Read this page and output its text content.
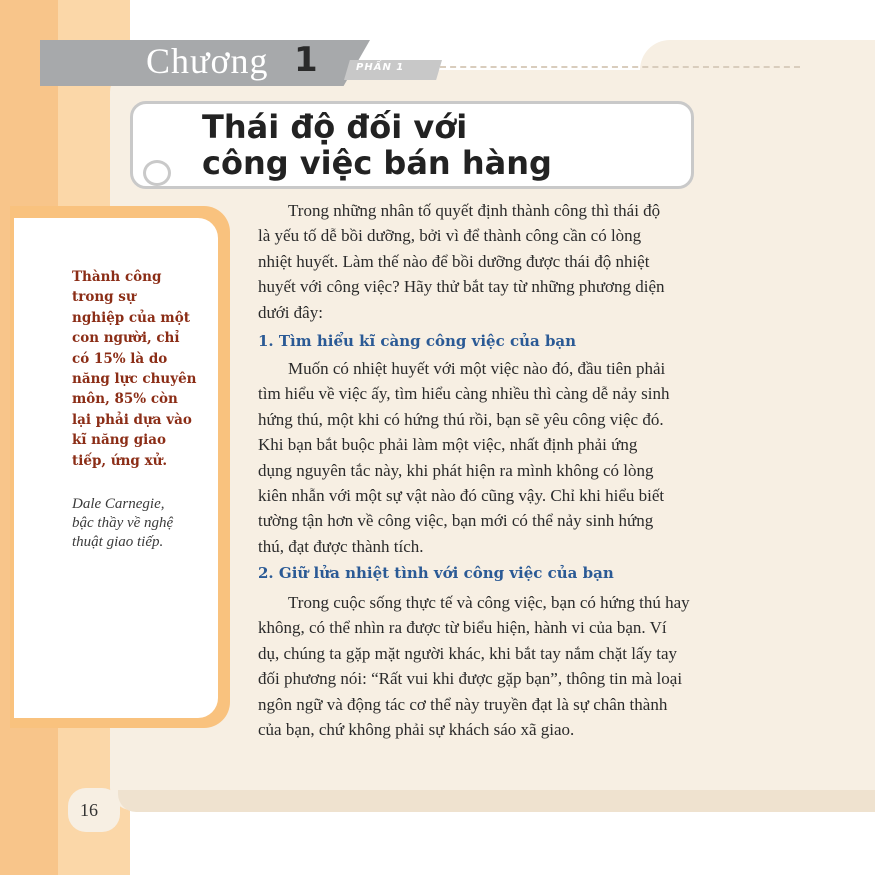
Chương 1	PHẦN 1
Thái độ đối với
công việc bán hàng
Thành công
trong sự
nghiệp của một
con người, chỉ
có 15% là do
năng lực chuyên
môn, 85% còn
lại phải dựa vào
kĩ năng giao
tiếp, ứng xử.
Dale Carnegie,
bậc thầy về nghệ
thuật giao tiếp.
Trong những nhân tố quyết định thành công thì thái độ
là yếu tố dễ bồi dưỡng, bởi vì để thành công cần có lòng
nhiệt huyết. Làm thế nào để bồi dưỡng được thái độ nhiệt
huyết với công việc? Hãy thử bắt tay từ những phương diện
dưới đây:
1. Tìm hiểu kĩ càng công việc của bạn
Muốn có nhiệt huyết với một việc nào đó, đầu tiên phải
tìm hiểu về việc ấy, tìm hiểu càng nhiều thì càng dễ nảy sinh
hứng thú, một khi có hứng thú rồi, bạn sẽ yêu công việc đó.
Khi bạn bắt buộc phải làm một việc, nhất định phải ứng
dụng nguyên tắc này, khi phát hiện ra mình không có lòng
kiên nhẫn với một sự vật nào đó cũng vậy. Chỉ khi hiểu biết
tường tận hơn về công việc, bạn mới có thể nảy sinh hứng
thú, đạt được thành tích.
2. Giữ lửa nhiệt tình với công việc của bạn
Trong cuộc sống thực tế và công việc, bạn có hứng thú hay
không, có thể nhìn ra được từ biểu hiện, hành vi của bạn. Ví
dụ, chúng ta gặp mặt người khác, khi bắt tay nắm chặt lấy tay
đối phương nói: “Rất vui khi được gặp bạn”, thông tin mà loại
ngôn ngữ và động tác cơ thể này truyền đạt là sự chân thành
của bạn, chứ không phải sự khách sáo xã giao.
16
